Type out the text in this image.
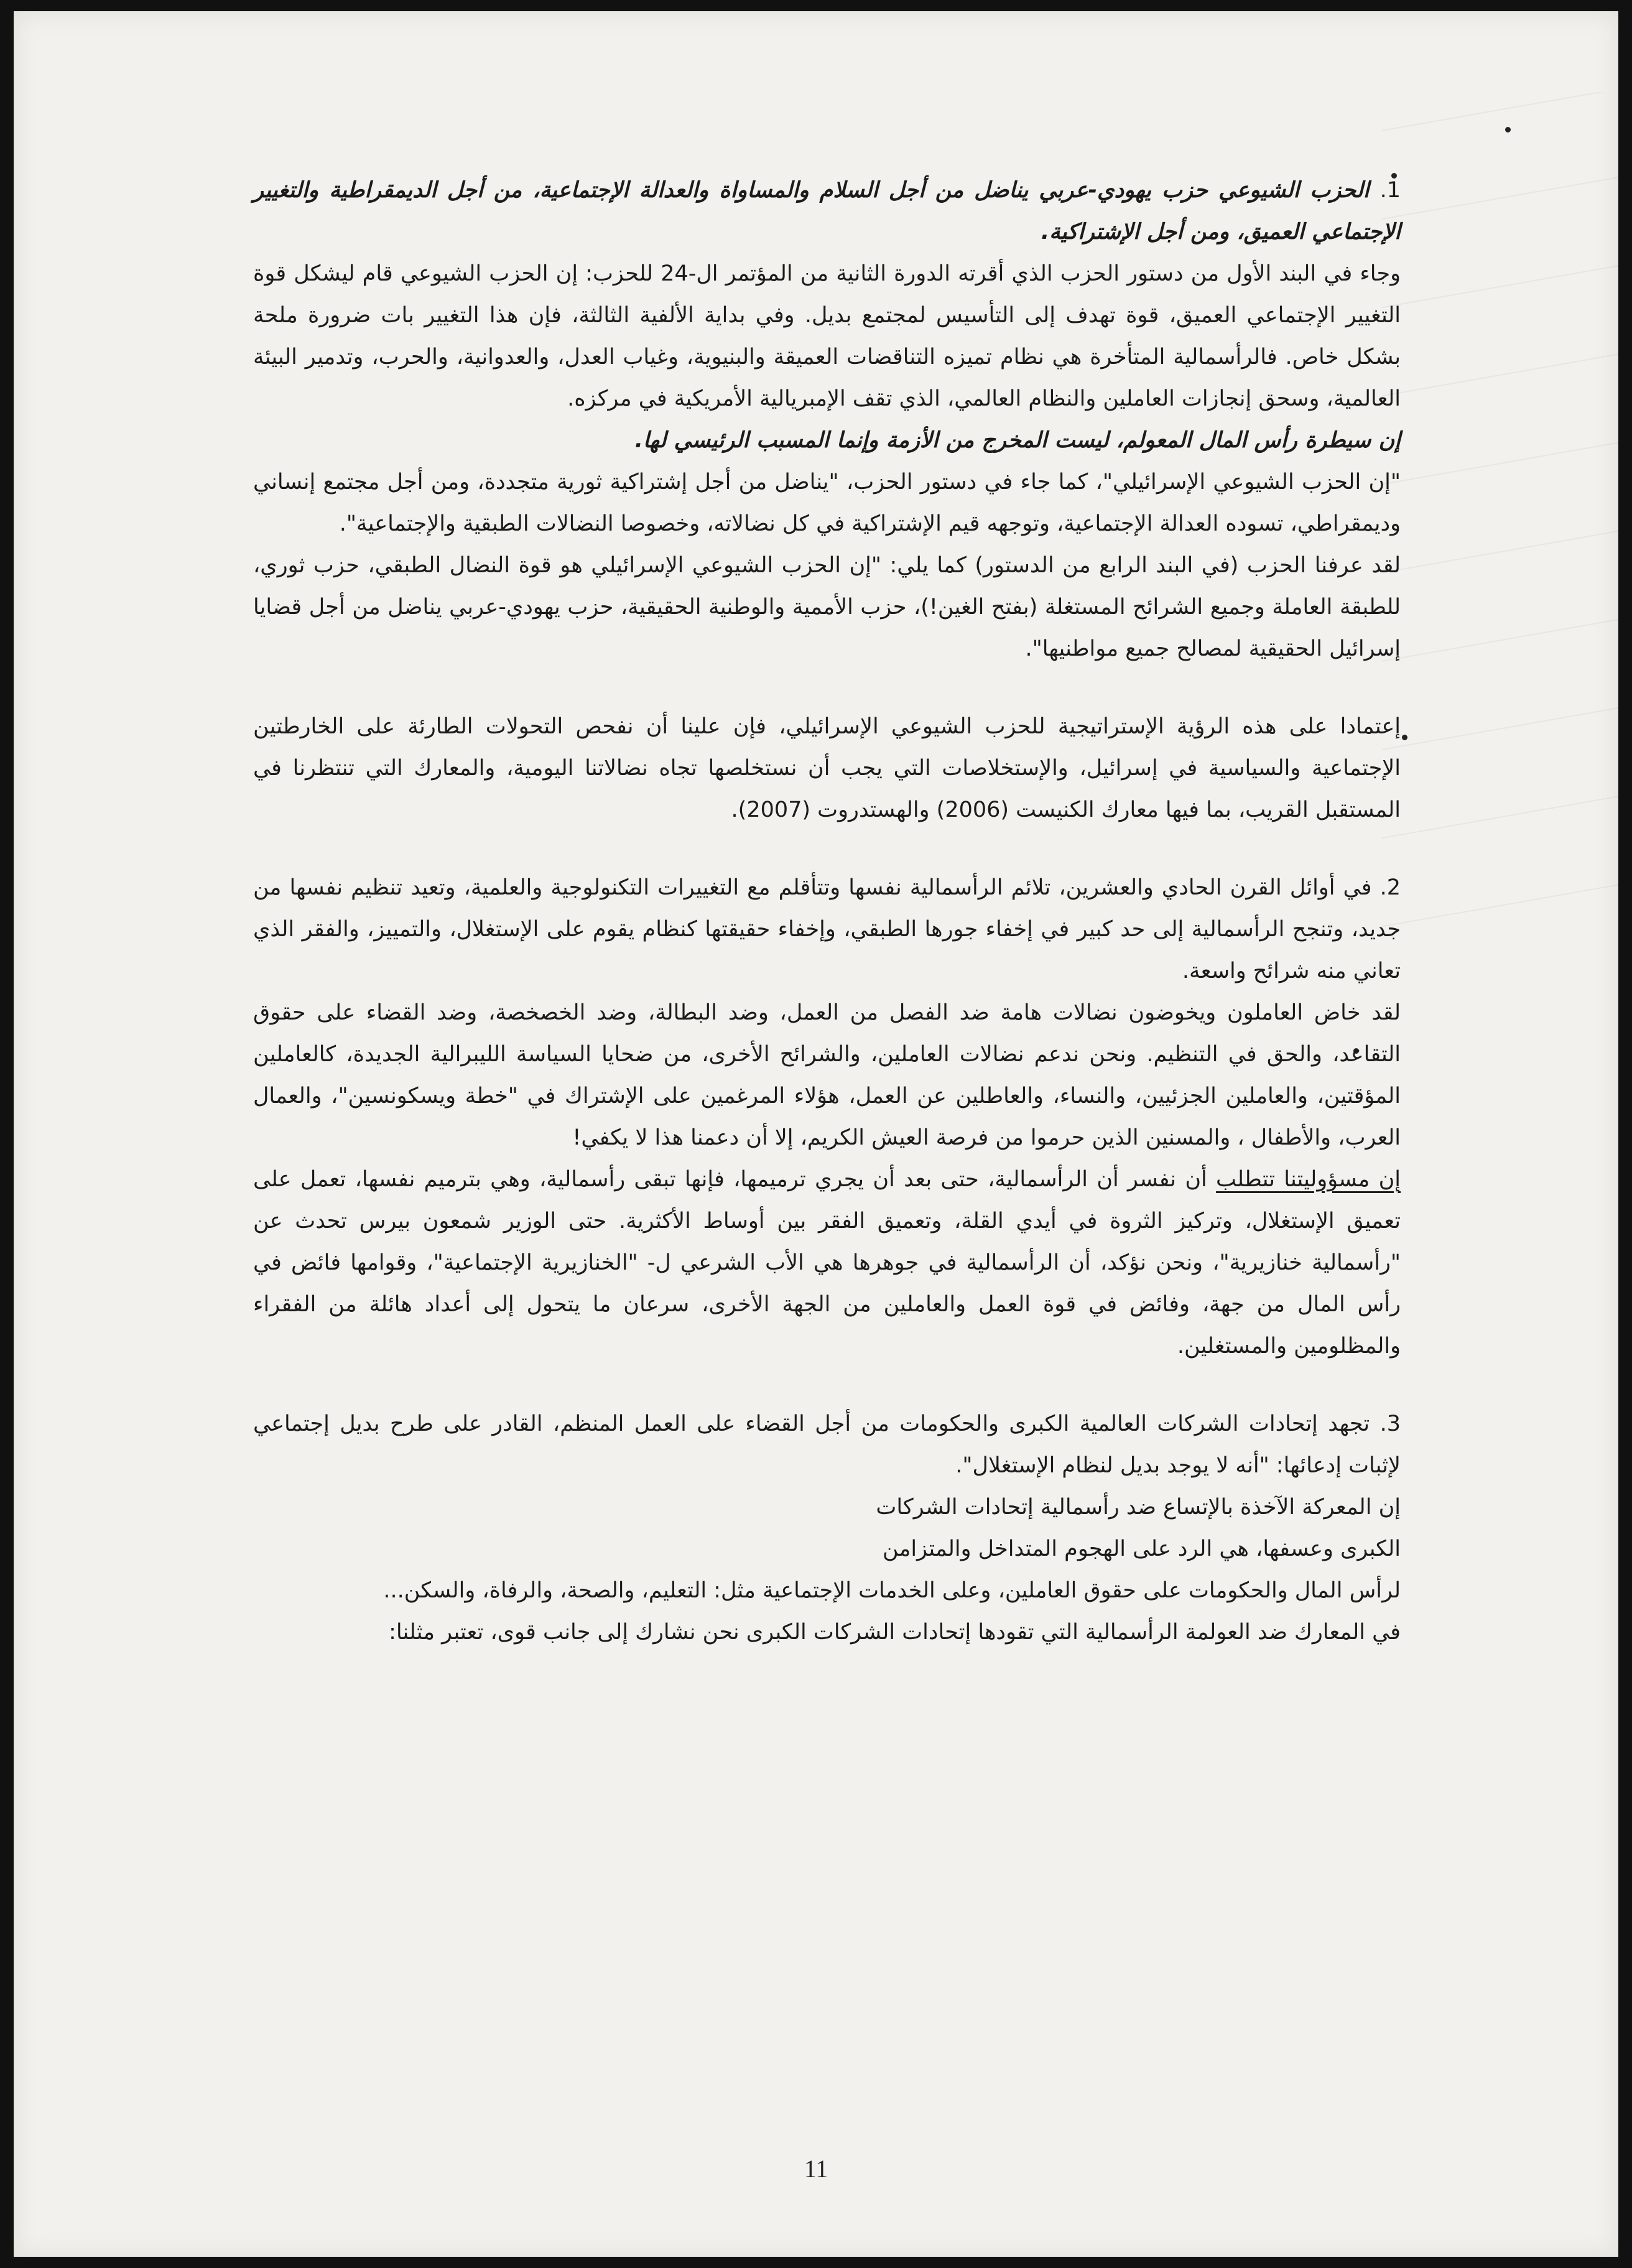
1. الحزب الشيوعي حزب يهودي-عربي يناضل من أجل السلام والمساواة والعدالة الإجتماعية، من أجل الديمقراطية والتغيير الإجتماعي العميق، ومن أجل الإشتراكية.

وجاء في البند الأول من دستور الحزب الذي أقرته الدورة الثانية من المؤتمر ال-24 للحزب: إن الحزب الشيوعي قام ليشكل قوة التغيير الإجتماعي العميق، قوة تهدف إلى التأسيس لمجتمع بديل. وفي بداية الألفية الثالثة، فإن هذا التغيير بات ضرورة ملحة بشكل خاص. فالرأسمالية المتأخرة هي نظام تميزه التناقضات العميقة والبنيوية، وغياب العدل، والعدوانية، والحرب، وتدمير البيئة العالمية، وسحق إنجازات العاملين والنظام العالمي، الذي تقف الإمبريالية الأمريكية في مركزه.

إن سيطرة رأس المال المعولم، ليست المخرج من الأزمة وإنما المسبب الرئيسي لها.

"إن الحزب الشيوعي الإسرائيلي"، كما جاء في دستور الحزب، "يناضل من أجل إشتراكية ثورية متجددة، ومن أجل مجتمع إنساني وديمقراطي، تسوده العدالة الإجتماعية، وتوجهه قيم الإشتراكية في كل نضالاته، وخصوصا النضالات الطبقية والإجتماعية".

لقد عرفنا الحزب (في البند الرابع من الدستور) كما يلي: "إن الحزب الشيوعي الإسرائيلي هو قوة النضال الطبقي، حزب ثوري، للطبقة العاملة وجميع الشرائح المستغلة (بفتح الغين!)، حزب الأممية والوطنية الحقيقية، حزب يهودي-عربي يناضل من أجل قضايا إسرائيل الحقيقية لمصالح جميع مواطنيها".

إعتمادا على هذه الرؤية الإستراتيجية للحزب الشيوعي الإسرائيلي، فإن علينا أن نفحص التحولات الطارئة على الخارطتين الإجتماعية والسياسية في إسرائيل، والإستخلاصات التي يجب أن نستخلصها تجاه نضالاتنا اليومية، والمعارك التي تنتظرنا في المستقبل القريب، بما فيها معارك الكنيست (2006) والهستدروت (2007).

2. في أوائل القرن الحادي والعشرين، تلائم الرأسمالية نفسها وتتأقلم مع التغييرات التكنولوجية والعلمية، وتعيد تنظيم نفسها من جديد، وتنجح الرأسمالية إلى حد كبير في إخفاء جورها الطبقي، وإخفاء حقيقتها كنظام يقوم على الإستغلال، والتمييز، والفقر الذي تعاني منه شرائح واسعة.

لقد خاض العاملون ويخوضون نضالات هامة ضد الفصل من العمل، وضد البطالة، وضد الخصخصة، وضد القضاء على حقوق التقاعد، والحق في التنظيم. ونحن ندعم نضالات العاملين، والشرائح الأخرى، من ضحايا السياسة الليبرالية الجديدة، كالعاملين المؤقتين، والعاملين الجزئيين، والنساء، والعاطلين عن العمل، هؤلاء المرغمين على الإشتراك في "خطة ويسكونسين"، والعمال العرب، والأطفال ، والمسنين الذين حرموا من فرصة العيش الكريم، إلا أن دعمنا هذا لا يكفي!

إن مسؤوليتنا تتطلب أن نفسر أن الرأسمالية، حتى بعد أن يجري ترميمها، فإنها تبقى رأسمالية، وهي بترميم نفسها، تعمل على تعميق الإستغلال، وتركيز الثروة في أيدي القلة، وتعميق الفقر بين أوساط الأكثرية. حتى الوزير شمعون بيرس تحدث عن "رأسمالية خنازيرية"، ونحن نؤكد، أن الرأسمالية في جوهرها هي الأب الشرعي ل- "الخنازيرية الإجتماعية"، وقوامها فائض في رأس المال من جهة، وفائض في قوة العمل والعاملين من الجهة الأخرى، سرعان ما يتحول إلى أعداد هائلة من الفقراء والمظلومين والمستغلين.

3. تجهد إتحادات الشركات العالمية الكبرى والحكومات من أجل القضاء على العمل المنظم، القادر على طرح بديل إجتماعي لإثبات إدعائها: "أنه لا يوجد بديل لنظام الإستغلال".

إن المعركة الآخذة بالإتساع ضد رأسمالية إتحادات الشركات

الكبرى وعسفها، هي الرد على الهجوم المتداخل والمتزامن

لرأس المال والحكومات على حقوق العاملين، وعلى الخدمات الإجتماعية مثل: التعليم، والصحة، والرفاة، والسكن...

في المعارك ضد العولمة الرأسمالية التي تقودها إتحادات الشركات الكبرى نحن نشارك إلى جانب قوى، تعتبر مثلنا:

11
